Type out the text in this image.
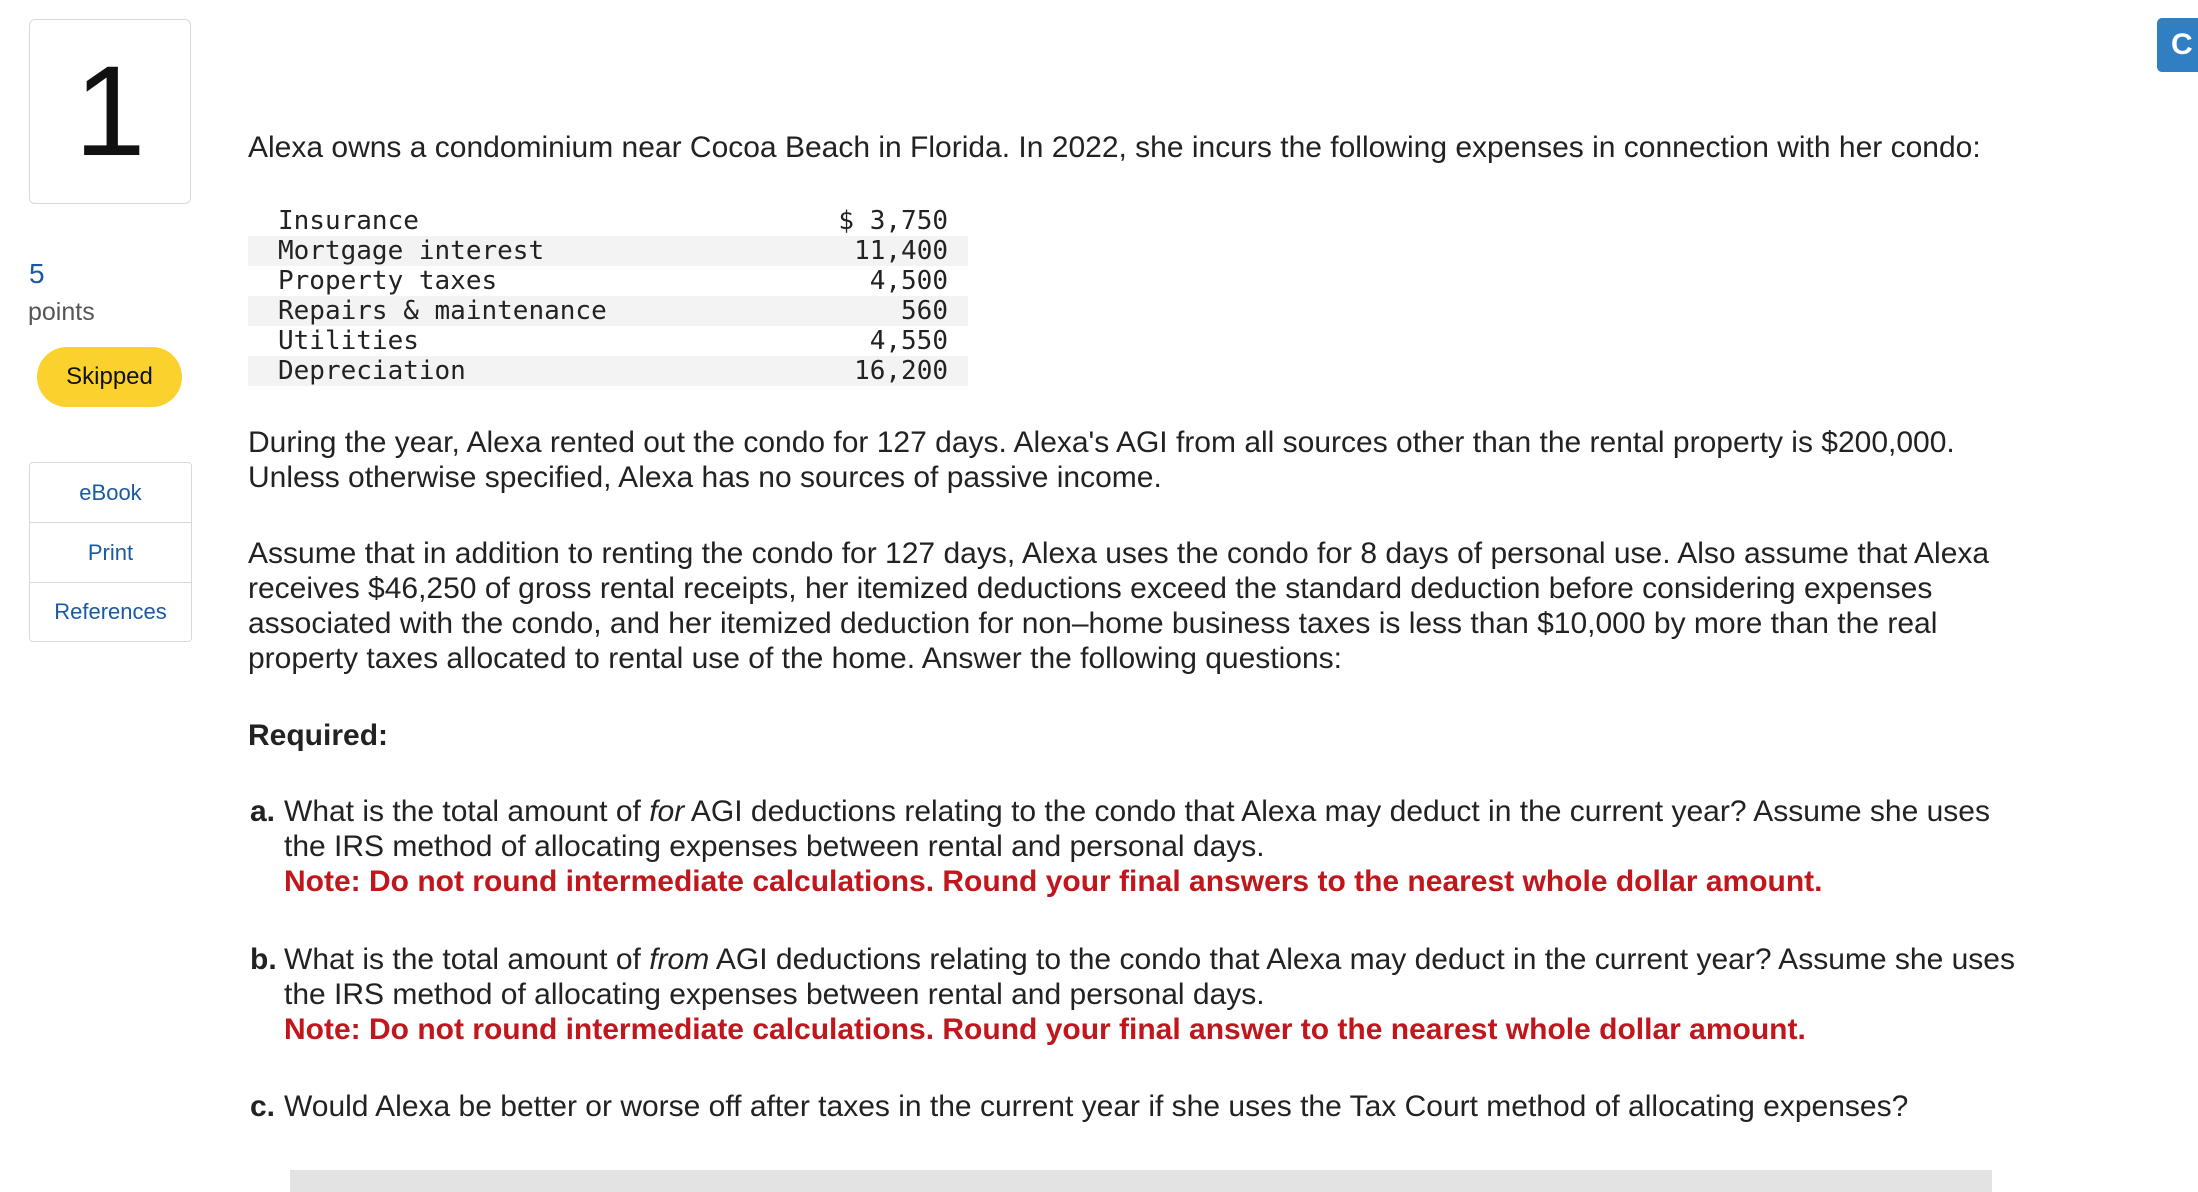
1
5
points
Skipped
eBook
Print
References
C

Alexa owns a condominium near Cocoa Beach in Florida. In 2022, she incurs the following expenses in connection with her condo:

Insurance	$ 3,750
Mortgage interest	11,400
Property taxes	4,500
Repairs & maintenance	560
Utilities	4,550
Depreciation	16,200
During the year, Alexa rented out the condo for 127 days. Alexa's AGI from all sources other than the rental property is $200,000.
Unless otherwise specified, Alexa has no sources of passive income.
Assume that in addition to renting the condo for 127 days, Alexa uses the condo for 8 days of personal use. Also assume that Alexa
receives $46,250 of gross rental receipts, her itemized deductions exceed the standard deduction before considering expenses
associated with the condo, and her itemized deduction for non–home business taxes is less than $10,000 by more than the real
property taxes allocated to rental use of the home. Answer the following questions:
Required:
a. What is the total amount of for AGI deductions relating to the condo that Alexa may deduct in the current year? Assume she uses
the IRS method of allocating expenses between rental and personal days.
Note: Do not round intermediate calculations. Round your final answers to the nearest whole dollar amount.
b. What is the total amount of from AGI deductions relating to the condo that Alexa may deduct in the current year? Assume she uses
the IRS method of allocating expenses between rental and personal days.
Note: Do not round intermediate calculations. Round your final answer to the nearest whole dollar amount.
c. Would Alexa be better or worse off after taxes in the current year if she uses the Tax Court method of allocating expenses?
